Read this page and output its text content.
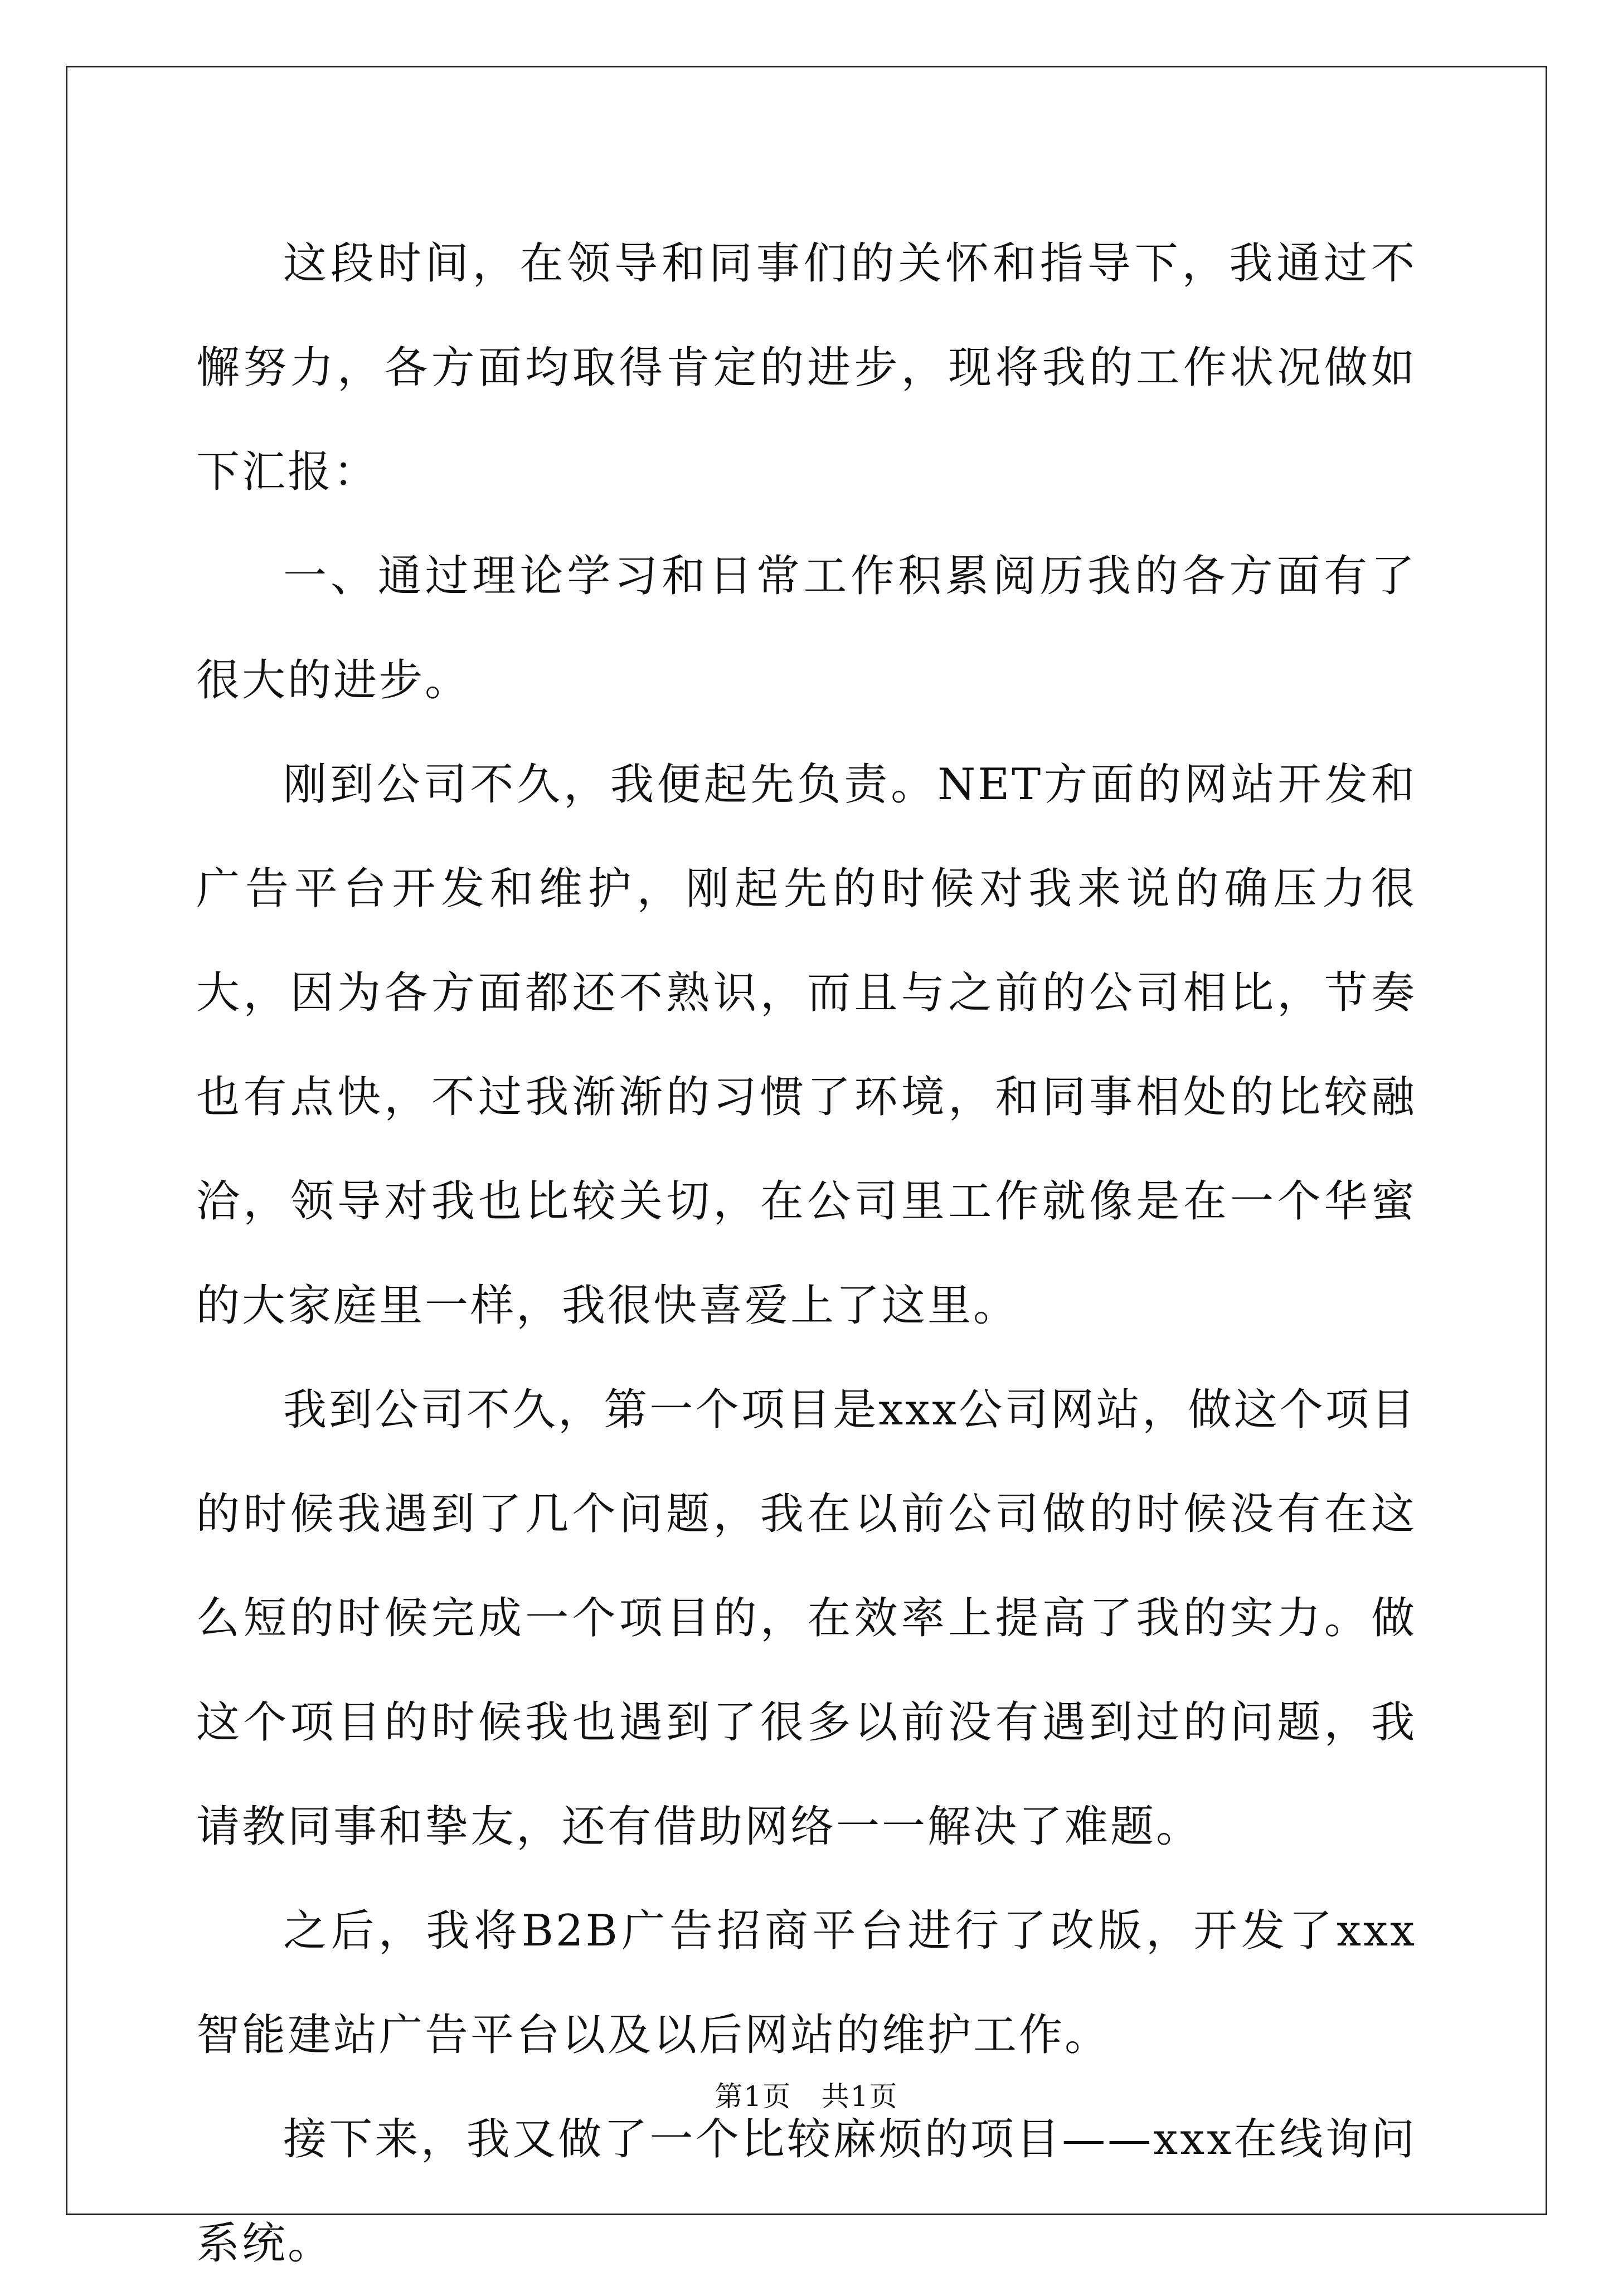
这段时间，在领导和同事们的关怀和指导下，我通过不懈努力，各方面均取得肯定的进步，现将我的工作状况做如下汇报：

一、通过理论学习和日常工作积累阅历我的各方面有了很大的进步。

刚到公司不久，我便起先负责。NET方面的网站开发和广告平台开发和维护，刚起先的时候对我来说的确压力很大，因为各方面都还不熟识，而且与之前的公司相比，节奏也有点快，不过我渐渐的习惯了环境，和同事相处的比较融洽，领导对我也比较关切，在公司里工作就像是在一个华蜜的大家庭里一样，我很快喜爱上了这里。

我到公司不久，第一个项目是xxx公司网站，做这个项目的时候我遇到了几个问题，我在以前公司做的时候没有在这么短的时候完成一个项目的，在效率上提高了我的实力。做这个项目的时候我也遇到了很多以前没有遇到过的问题，我请教同事和挚友，还有借助网络一一解决了难题。

之后，我将B2B广告招商平台进行了改版，开发了xxx智能建站广告平台以及以后网站的维护工作。

接下来，我又做了一个比较麻烦的项目——xxx在线询问系统。

第1页 共1页
